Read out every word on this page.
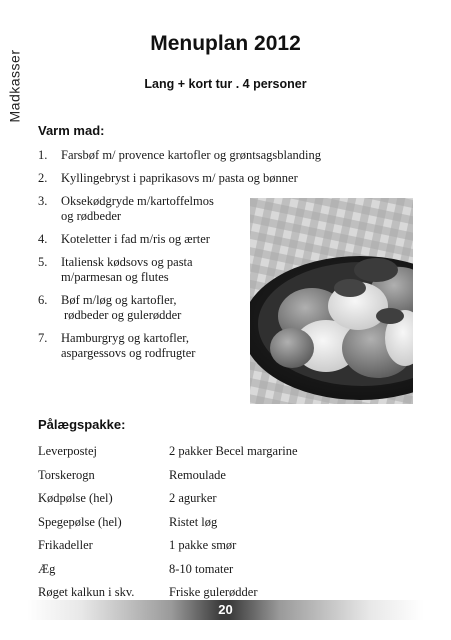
Madkasser
Menuplan 2012
Lang + kort tur . 4 personer
Varm mad:
1. Farsbøf m/ provence kartofler og grøntsagsblanding
2. Kyllingebryst i paprikasovs m/ pasta og bønner
3. Oksekødgryde m/kartoffelmos
og rødbeder
4. Koteletter i fad m/ris og ærter
5. Italiensk kødsovs og pasta
m/parmesan og flutes
6. Bøf m/løg og kartofler,
rødbeder og gulerødder
7. Hamburgryg og kartofler,
aspargessovs og rodfrugter
Pålægspakke:
Leverpostej	2 pakker Becel margarine
Torskerogn	Remoulade
Kødpølse (hel)	2 agurker
Spegepølse (hel)	Ristet løg
Frikadeller	1 pakke smør
Æg	8-10 tomater
Røget kalkun i skv.	Friske gulerødder
20
